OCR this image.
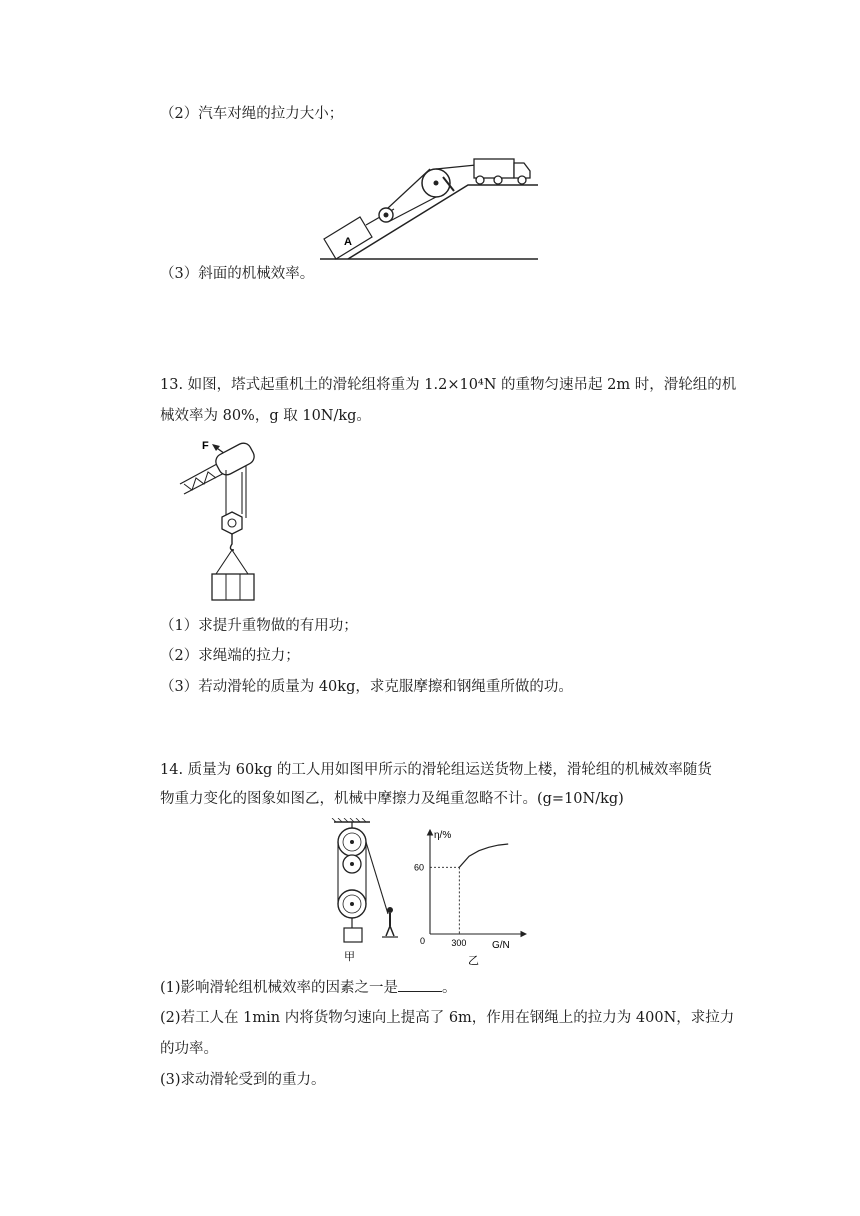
（2）汽车对绳的拉力大小；
A
（3）斜面的机械效率。
13. 如图，塔式起重机土的滑轮组将重为 1.2×10⁴N 的重物匀速吊起 2m 时，滑轮组的机
械效率为 80%，g 取 10N/kg。
F
（1）求提升重物做的有用功；
（2）求绳端的拉力；
（3）若动滑轮的质量为 40kg，求克服摩擦和钢绳重所做的功。
14. 质量为 60kg 的工人用如图甲所示的滑轮组运送货物上楼，滑轮组的机械效率随货
物重力变化的图象如图乙，机械中摩擦力及绳重忽略不计。(g=10N/kg)
甲
η/%
G/N
0
60
300
乙
(1)影响滑轮组机械效率的因素之一是	。
(2)若工人在 1min 内将货物匀速向上提高了 6m，作用在钢绳上的拉力为 400N，求拉力
的功率。
(3)求动滑轮受到的重力。
